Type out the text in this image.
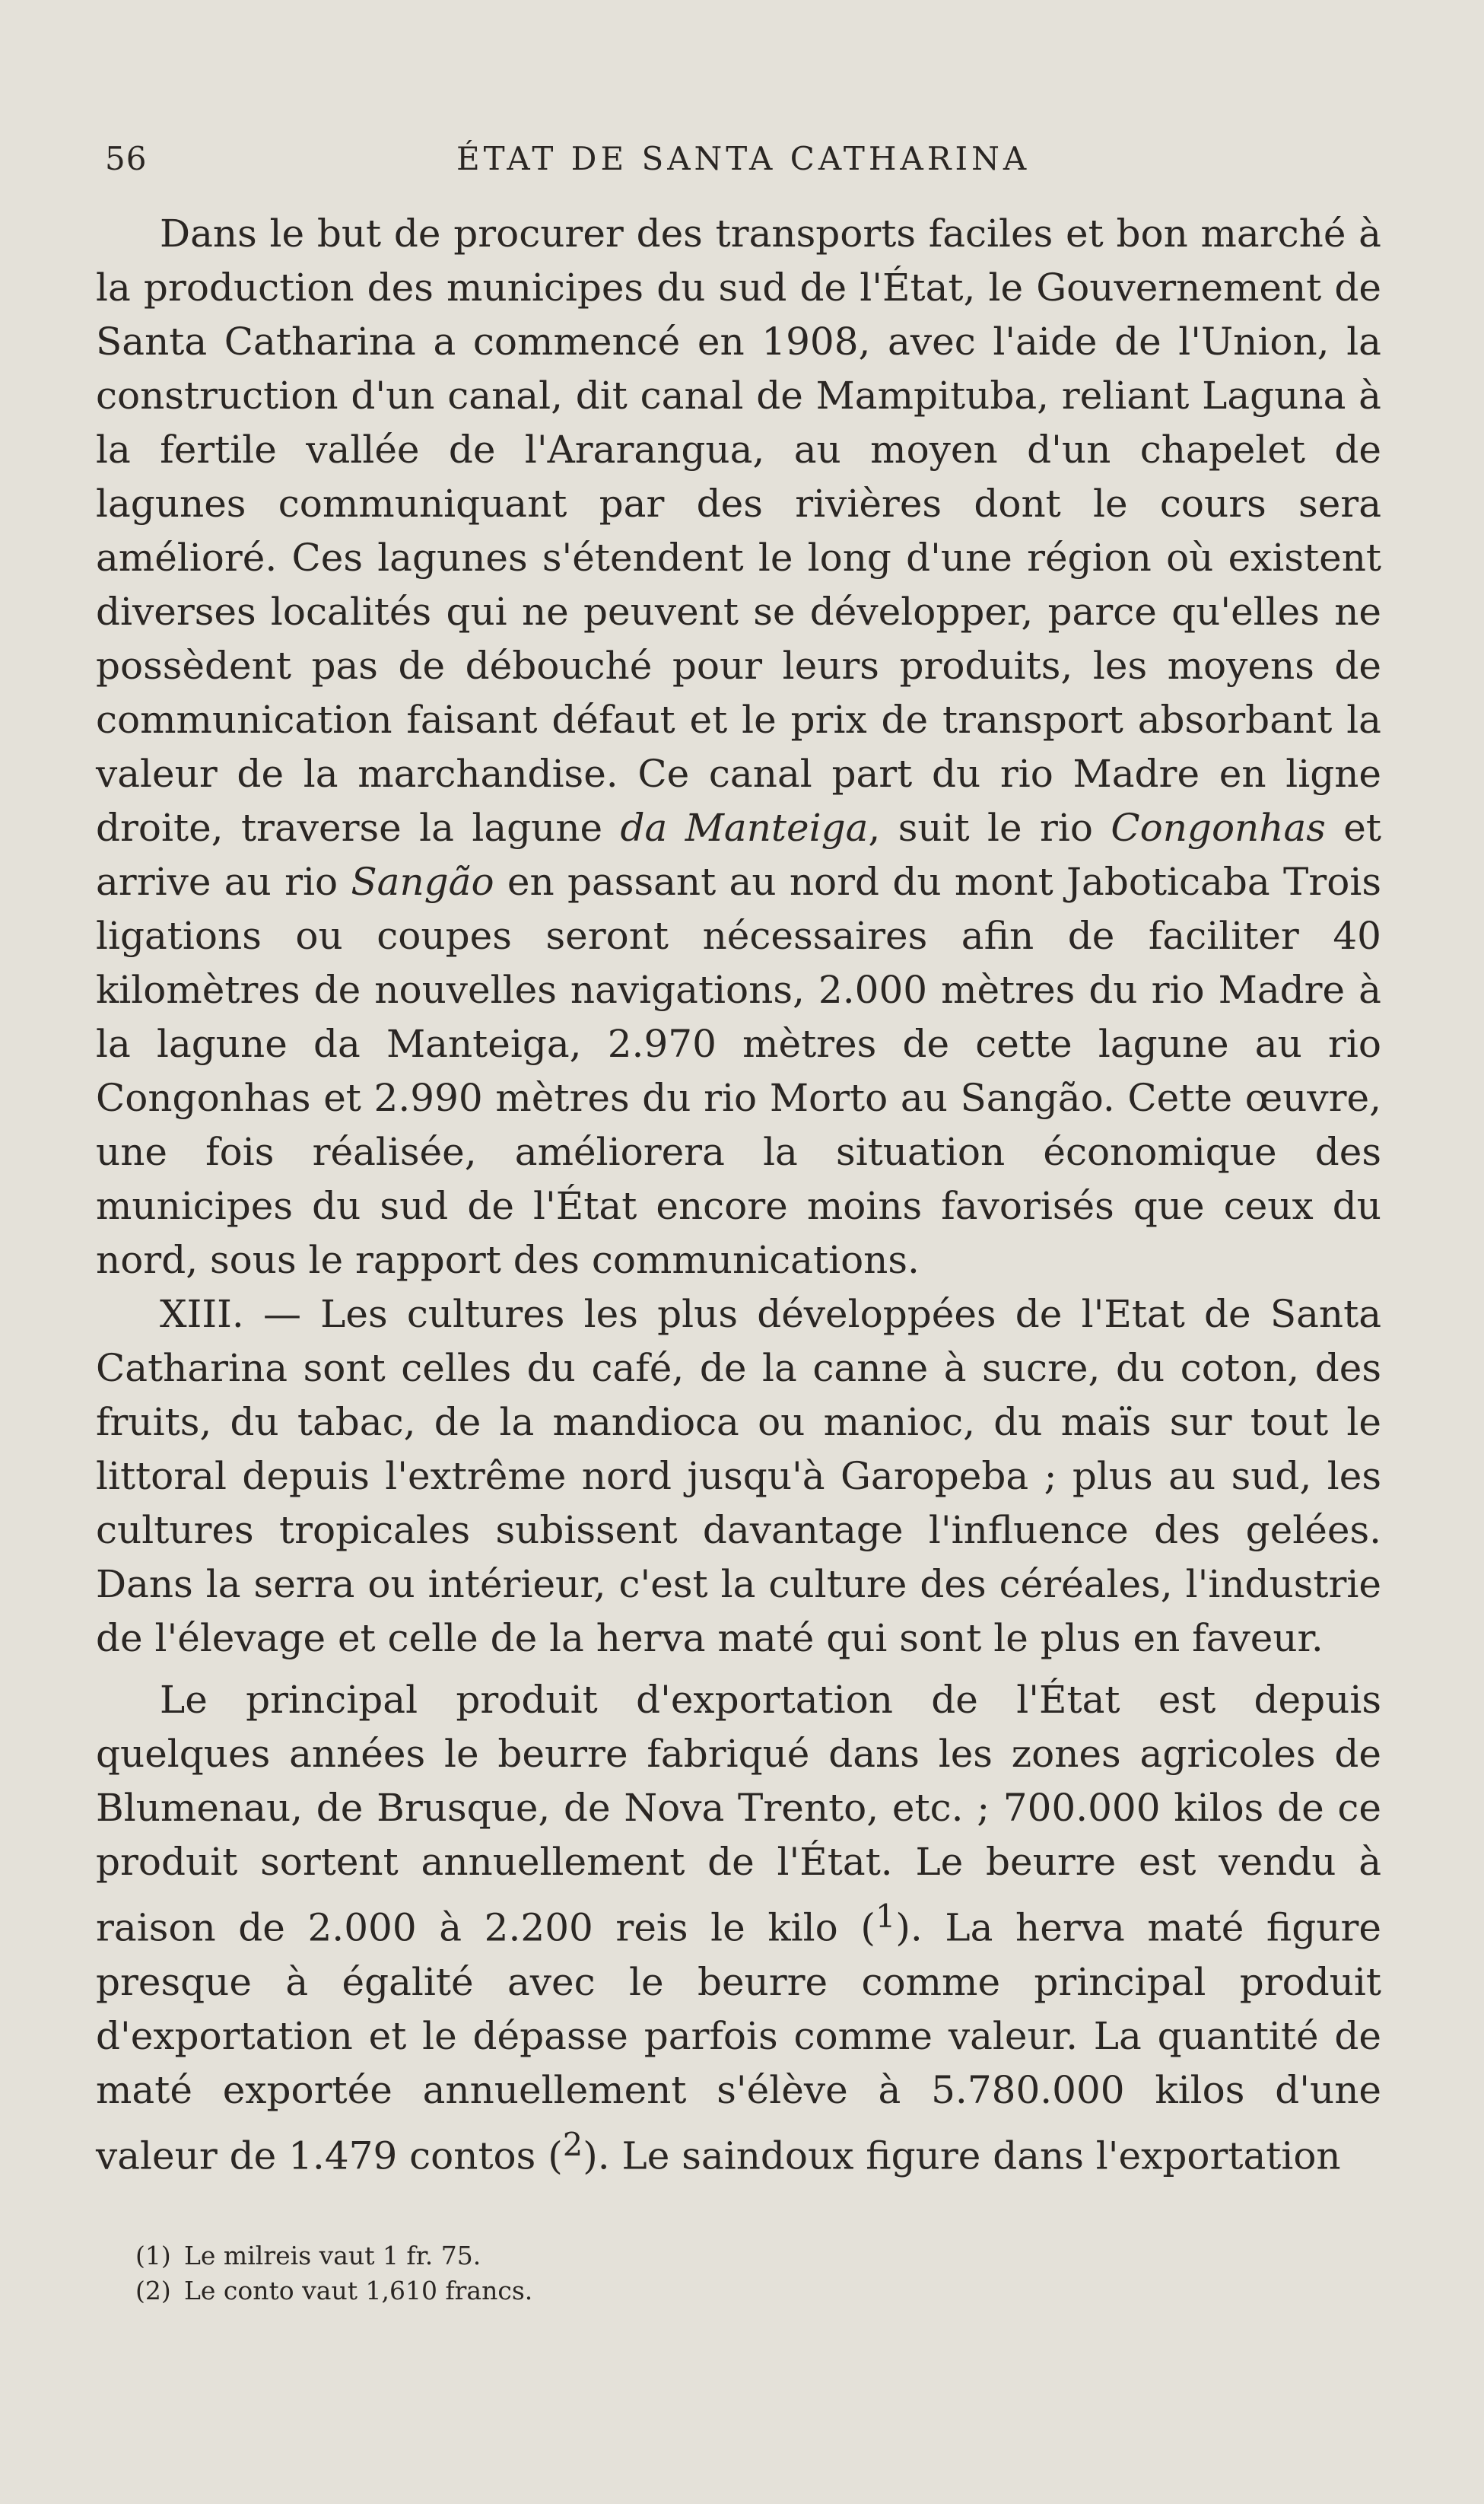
56	ÉTAT DE SANTA CATHARINA

Dans le but de procurer des transports faciles et bon marché à la production des municipes du sud de l'État, le Gouvernement de Santa Catharina a commencé en 1908, avec l'aide de l'Union, la construction d'un canal, dit canal de Mampituba, reliant Laguna à la fertile vallée de l'Ararangua, au moyen d'un chapelet de lagunes communiquant par des rivières dont le cours sera amélioré. Ces lagunes s'étendent le long d'une région où existent diverses localités qui ne peuvent se développer, parce qu'elles ne possèdent pas de débouché pour leurs produits, les moyens de communication faisant défaut et le prix de transport absorbant la valeur de la marchandise. Ce canal part du rio Madre en ligne droite, traverse la lagune da Manteiga, suit le rio Congonhas et arrive au rio Sangão en passant au nord du mont Jaboticaba Trois ligations ou coupes seront nécessaires afin de faciliter 40 kilomètres de nouvelles navigations, 2.000 mètres du rio Madre à la lagune da Manteiga, 2.970 mètres de cette lagune au rio Congonhas et 2.990 mètres du rio Morto au Sangão. Cette œuvre, une fois réalisée, améliorera la situation économique des municipes du sud de l'État encore moins favorisés que ceux du nord, sous le rapport des communications.

XIII. — Les cultures les plus développées de l'Etat de Santa Catharina sont celles du café, de la canne à sucre, du coton, des fruits, du tabac, de la mandioca ou manioc, du maïs sur tout le littoral depuis l'extrême nord jusqu'à Garopeba ; plus au sud, les cultures tropicales subissent davantage l'influence des gelées. Dans la serra ou intérieur, c'est la culture des céréales, l'industrie de l'élevage et celle de la herva maté qui sont le plus en faveur.

Le principal produit d'exportation de l'État est depuis quelques années le beurre fabriqué dans les zones agricoles de Blumenau, de Brusque, de Nova Trento, etc. ; 700.000 kilos de ce produit sortent annuellement de l'État. Le beurre est vendu à raison de 2.000 à 2.200 reis le kilo ($^1$). La herva maté figure presque à égalité avec le beurre comme principal produit d'exportation et le dépasse parfois comme valeur. La quantité de maté exportée annuellement s'élève à 5.780.000 kilos d'une valeur de 1.479 contos ($^2$). Le saindoux figure dans l'exportation

(1) Le milreis vaut 1 fr. 75.

(2) Le conto vaut 1,610 francs.
